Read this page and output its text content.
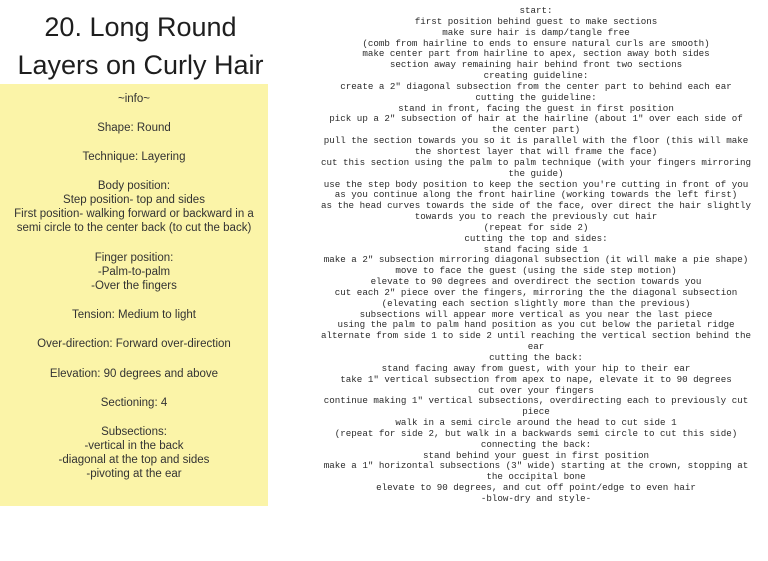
20. Long Round
Layers on Curly Hair
~info~
Shape: Round
Technique: Layering
Body position:
Step position- top and sides
First position- walking forward or backward in a
semi circle to the center back (to cut the back)
Finger position:
-Palm-to-palm
-Over the fingers
Tension: Medium to light
Over-direction: Forward over-direction
Elevation: 90 degrees and above
Sectioning: 4
Subsections:
-vertical in the back
-diagonal at the top and sides
-pivoting at the ear
start:
first position behind guest to make sections
make sure hair is damp/tangle free
(comb from hairline to ends to ensure natural curls are smooth)
make center part from hairline to apex, section away both sides
section away remaining hair behind front two sections
creating guideline:
create a 2" diagonal subsection from the center part to behind each ear
cutting the guideline:
stand in front, facing the guest in first position
pick up a 2" subsection of hair at the hairline (about 1" over each side of
the center part)
pull the section towards you so it is parallel with the floor (this will make
the shortest layer that will frame the face)
cut this section using the palm to palm technique (with your fingers mirroring
the guide)
use the step body position to keep the section you're cutting in front of you
as you continue along the front hairline (working towards the left first)
as the head curves towards the side of the face, over direct the hair slightly
towards you to reach the previously cut hair
(repeat for side 2)
cutting the top and sides:
stand facing side 1
make a 2" subsection mirroring diagonal subsection (it will make a pie shape)
move to face the guest (using the side step motion)
elevate to 90 degrees and overdirect the section towards you
cut each 2" piece over the fingers, mirroring the the diagonal subsection
(elevating each section slightly more than the previous)
subsections will appear more vertical as you near the last piece
using the palm to palm hand position as you cut below the parietal ridge
alternate from side 1 to side 2 until reaching the vertical section behind the
ear
cutting the back:
stand facing away from guest, with your hip to their ear
take 1" vertical subsection from apex to nape, elevate it to 90 degrees
cut over your fingers
continue making 1" vertical subsections, overdirecting each to previously cut
piece
walk in a semi circle around the head to cut side 1
(repeat for side 2, but walk in a backwards semi circle to cut this side)
connecting the back:
stand behind your guest in first position
make a 1" horizontal subsections (3" wide) starting at the crown, stopping at
the occipital bone
elevate to 90 degrees, and cut off point/edge to even hair
-blow-dry and style-
